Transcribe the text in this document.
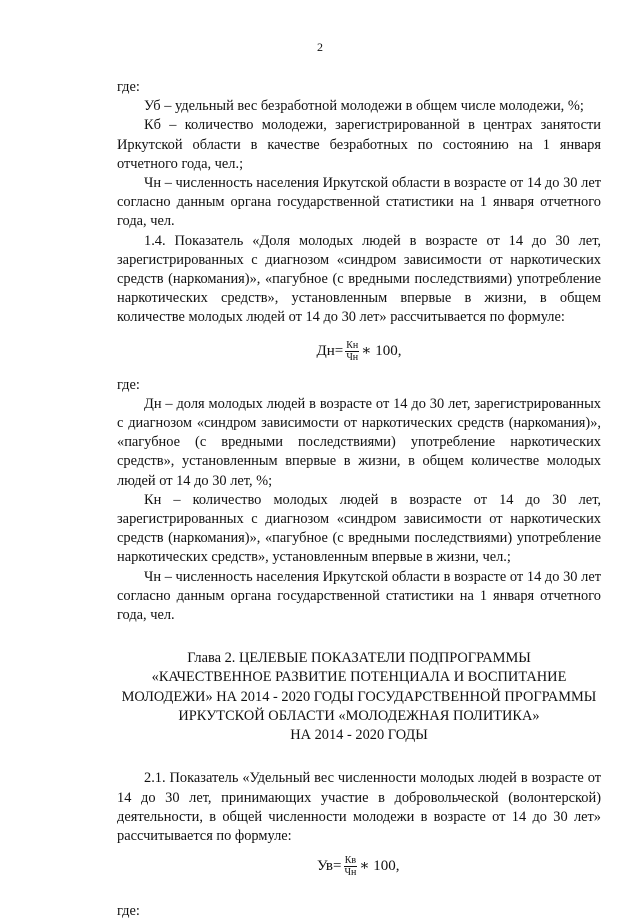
2

где:

Уб – удельный вес безработной молодежи в общем числе молодежи, %;

Кб – количество молодежи, зарегистрированной в центрах занятости Иркутской области в качестве безработных по состоянию на 1 января отчетного года, чел.;

Чн – численность населения Иркутской области в возрасте от 14 до 30 лет согласно данным органа государственной статистики на 1 января отчетного года, чел.

1.4. Показатель «Доля молодых людей в возрасте от 14 до 30 лет, зарегистрированных с диагнозом «синдром зависимости от наркотических средств (наркомания)», «пагубное (с вредными последствиями) употребление наркотических средств», установленным впервые в жизни, в общем количестве молодых людей от 14 до 30 лет» рассчитывается по формуле:

$Дн= \frac{Кн}{Чн}$ ∗ 100,

где:

Дн – доля молодых людей в возрасте от 14 до 30 лет, зарегистрированных с диагнозом «синдром зависимости от наркотических средств (наркомания)», «пагубное (с вредными последствиями) употребление наркотических средств», установленным впервые в жизни, в общем количестве молодых людей от 14 до 30 лет, %;

Кн – количество молодых людей в возрасте от 14 до 30 лет, зарегистрированных с диагнозом «синдром зависимости от наркотических средств (наркомания)», «пагубное (с вредными последствиями) употребление наркотических средств», установленным впервые в жизни, чел.;

Чн – численность населения Иркутской области в возрасте от 14 до 30 лет согласно данным органа государственной статистики на 1 января отчетного года, чел.

Глава 2. ЦЕЛЕВЫЕ ПОКАЗАТЕЛИ ПОДПРОГРАММЫ
«КАЧЕСТВЕННОЕ РАЗВИТИЕ ПОТЕНЦИАЛА И ВОСПИТАНИЕ
МОЛОДЕЖИ» НА 2014 - 2020 ГОДЫ ГОСУДАРСТВЕННОЙ ПРОГРАММЫ
ИРКУТСКОЙ ОБЛАСТИ «МОЛОДЕЖНАЯ ПОЛИТИКА»
НА 2014 - 2020 ГОДЫ

2.1. Показатель «Удельный вес численности молодых людей в возрасте от 14 до 30 лет, принимающих участие в добровольческой (волонтерской) деятельности, в общей численности молодежи в возрасте от 14 до 30 лет» рассчитывается по формуле:

$Ув= \frac{Кв}{Чн}$ ∗ 100,

где:
